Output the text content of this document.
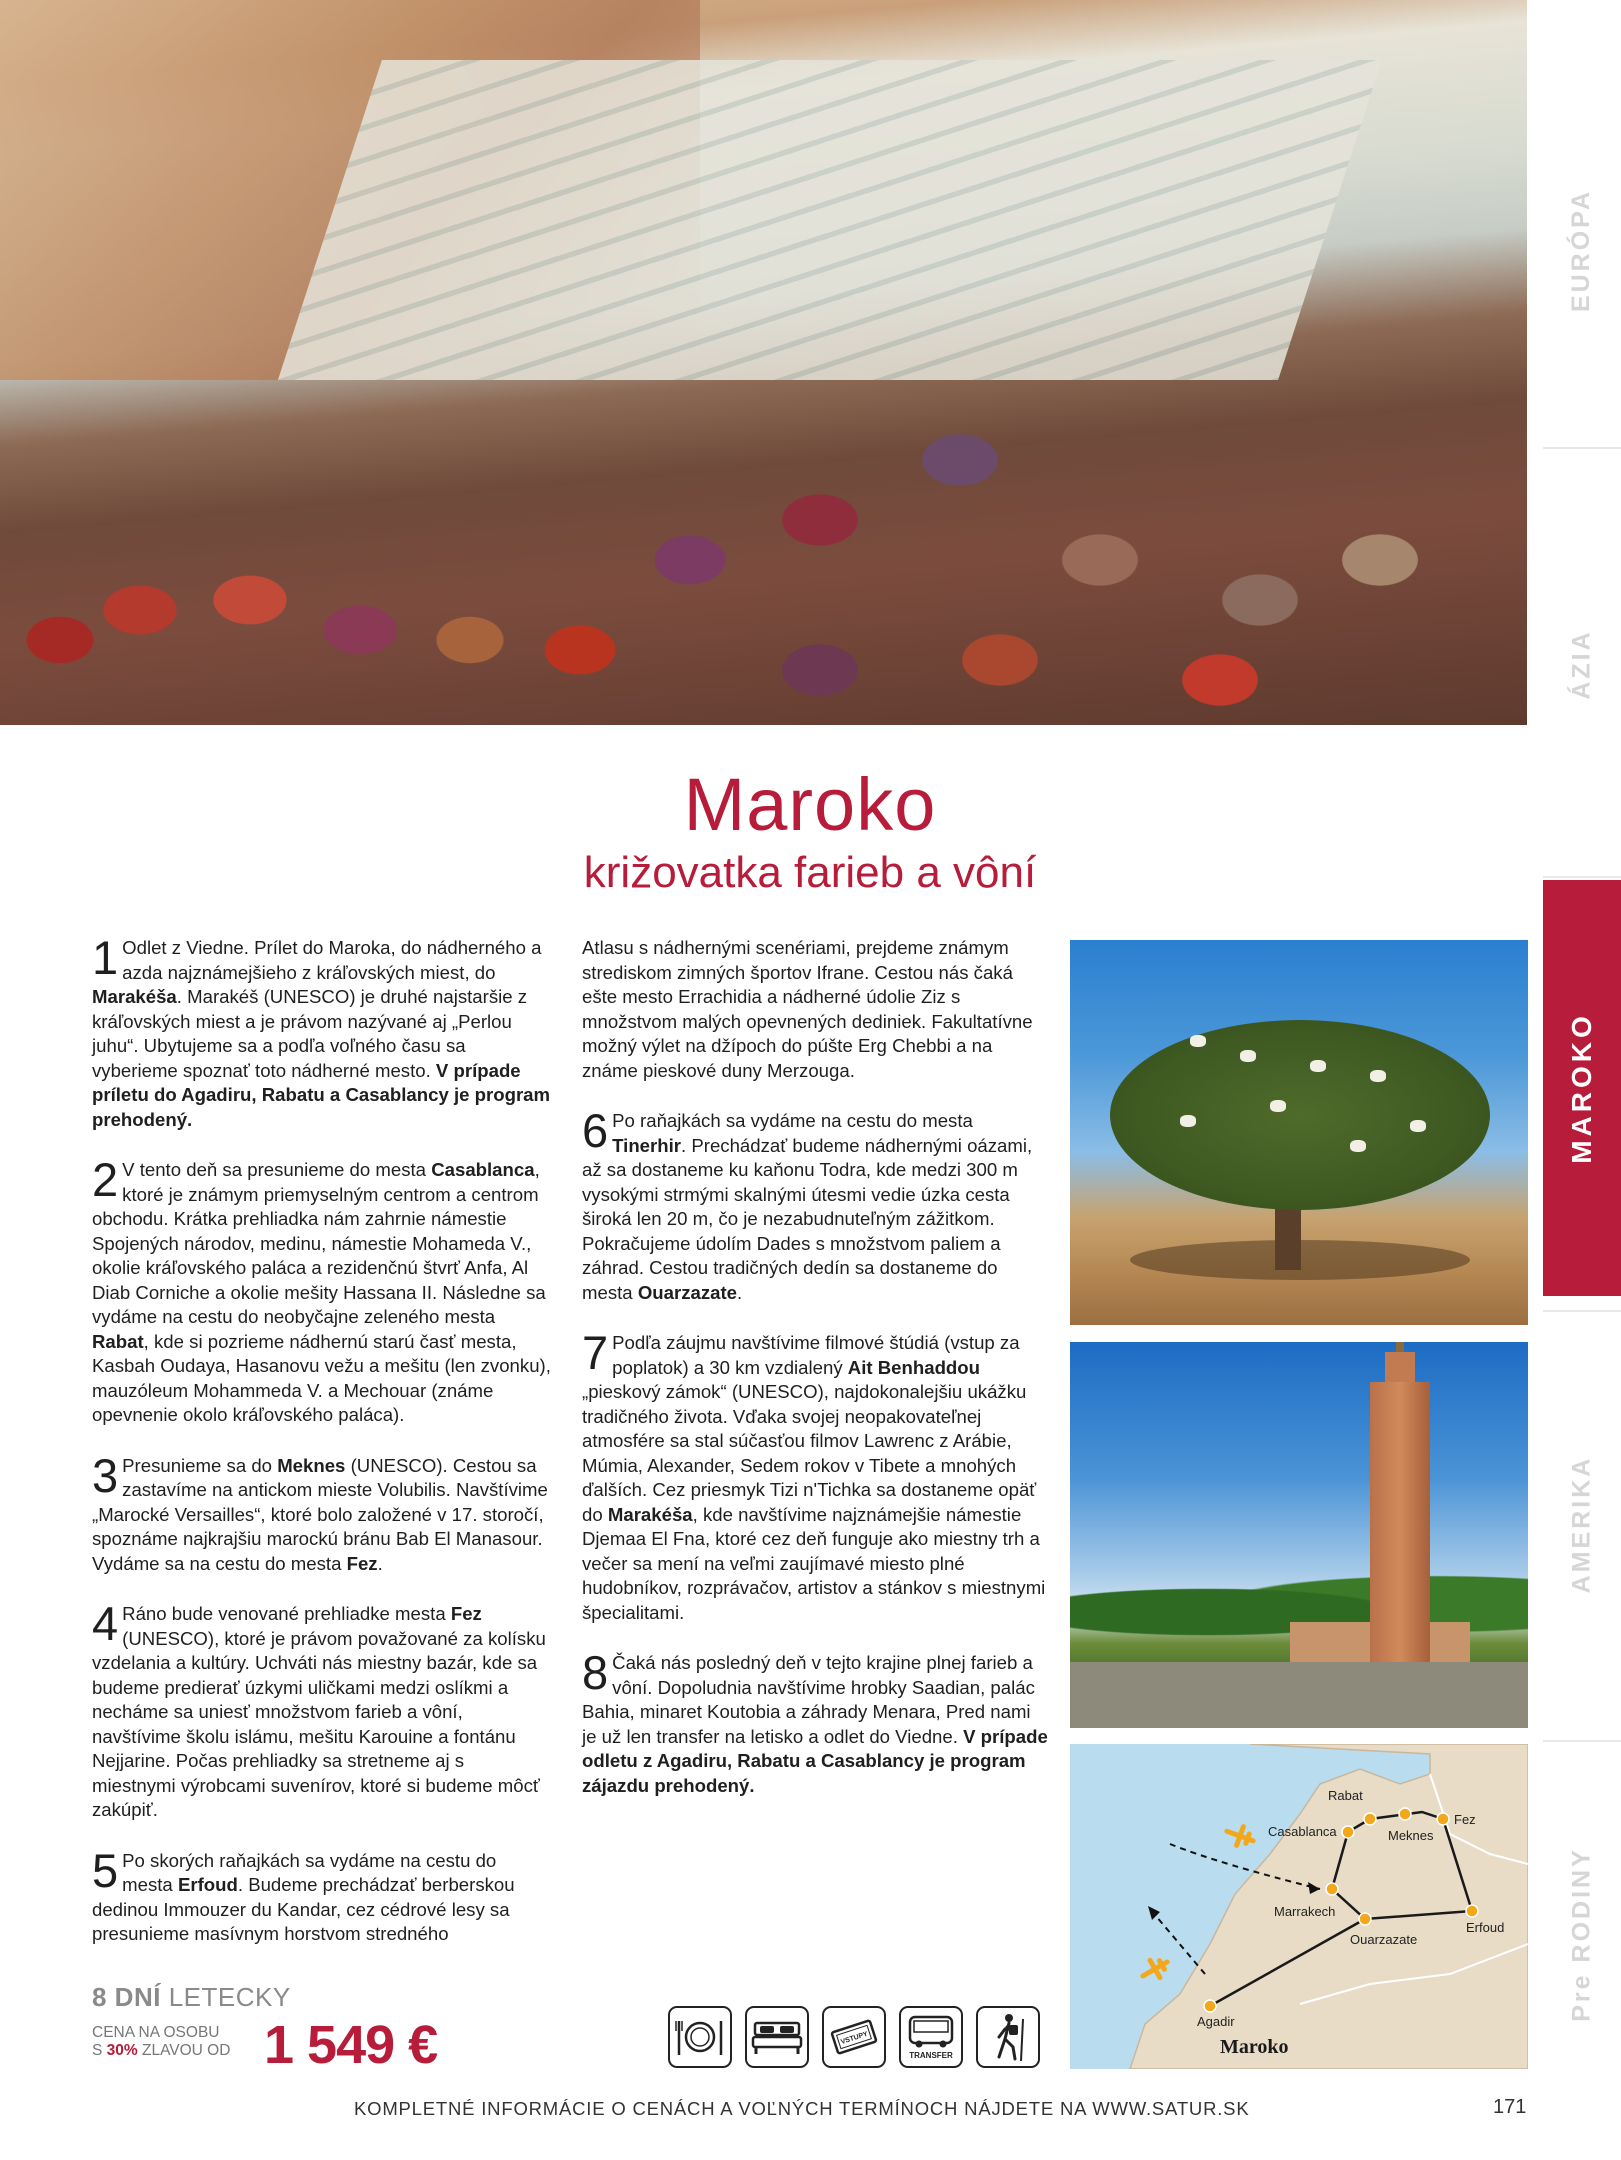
EURÓPA
ÁZIA
MAROKO
AMERIKA
Pre RODINY
Maroko
križovatka farieb a vôní
1 Odlet z Viedne. Prílet do Maroka, do nádherného a azda najznámejšieho z kráľovských miest, do Marakéša. Marakéš (UNESCO) je druhé najstaršie z kráľovských miest a je právom nazývané aj „Perlou juhu“. Ubytujeme sa a podľa voľného času sa vyberieme spoznať toto nádherné mesto. V prípade príletu do Agadiru, Rabatu a Casablancy je program prehodený.
2 V tento deň sa presunieme do mesta Casablanca, ktoré je známym priemyselným centrom a centrom obchodu. Krátka prehliadka nám zahrnie námestie Spojených národov, medinu, námestie Mohameda V., okolie kráľovského paláca a rezidenčnú štvrť Anfa, Al Diab Corniche a okolie mešity Hassana II. Následne sa vydáme na cestu do neobyčajne zeleného mesta Rabat, kde si pozrieme nádhernú starú časť mesta, Kasbah Oudaya, Hasanovu vežu a mešitu (len zvonku), mauzóleum Mohammeda V. a Mechouar (známe opevnenie okolo kráľovského paláca).
3 Presunieme sa do Meknes (UNESCO). Cestou sa zastavíme na antickom mieste Volubilis. Navštívime „Marocké Versailles“, ktoré bolo založené v 17. storočí, spoznáme najkrajšiu marockú bránu Bab El Manasour. Vydáme sa na cestu do mesta Fez.
4 Ráno bude venované prehliadke mesta Fez (UNESCO), ktoré je právom považované za kolísku vzdelania a kultúry. Uchváti nás miestny bazár, kde sa budeme predierať úzkymi uličkami medzi oslíkmi a necháme sa uniesť množstvom farieb a vôní, navštívime školu islámu, mešitu Karouine a fontánu Nejjarine. Počas prehliadky sa stretneme aj s miestnymi výrobcami suvenírov, ktoré si budeme môcť zakúpiť.
5 Po skorých raňajkách sa vydáme na cestu do mesta Erfoud. Budeme prechádzať berberskou dedinou Immouzer du Kandar, cez cédrové lesy sa presunieme masívnym horstvom stredného
Atlasu s nádhernými scenériami, prejdeme známym strediskom zimných športov Ifrane. Cestou nás čaká ešte mesto Errachidia a nádherné údolie Ziz s množstvom malých opevnených dediniek. Fakultatívne možný výlet na džípoch do púšte Erg Chebbi a na známe pieskové duny Merzouga.
6 Po raňajkách sa vydáme na cestu do mesta Tinerhir. Prechádzať budeme nádhernými oázami, až sa dostaneme ku kaňonu Todra, kde medzi 300 m vysokými strmými skalnými útesmi vedie úzka cesta široká len 20 m, čo je nezabudnuteľným zážitkom. Pokračujeme údolím Dades s množstvom paliem a záhrad. Cestou tradičných dedín sa dostaneme do mesta Ouarzazate.
7 Podľa záujmu navštívime filmové štúdiá (vstup za poplatok) a 30 km vzdialený Ait Benhaddou „pieskový zámok“ (UNESCO), najdokonalejšiu ukážku tradičného života. Vďaka svojej neopakovateľnej atmosfére sa stal súčasťou filmov Lawrenc z Arábie, Múmia, Alexander, Sedem rokov v Tibete a mnohých ďalších. Cez priesmyk Tizi n'Tichka sa dostaneme opäť do Marakéša, kde navštívime najznámejšie námestie Djemaa El Fna, ktoré cez deň funguje ako miestny trh a večer sa mení na veľmi zaujímavé miesto plné hudobníkov, rozprávačov, artistov a stánkov s miestnymi špecialitami.
8 Čaká nás posledný deň v tejto krajine plnej farieb a vôní. Dopoludnia navštívime hrobky Saadian, palác Bahia, minaret Koutobia a záhrady Menara, Pred nami je už len transfer na letisko a odlet do Viedne. V prípade odletu z Agadiru, Rabatu a Casablancy je program zájazdu prehodený.	Rabat
Casablanca	Meknes
Fez
Marrakech
Erfoud
Ouarzazate
Agadir
Maroko
8 DNÍ LETECKY
CENA NA OSOBU
S 30% ZLAVOU OD 1 549 €	VSTUPY
TRANSFER
KOMPLETNÉ INFORMÁCIE O CENÁCH A VOĽNÝCH TERMÍNOCH NÁJDETE NA WWW.SATUR.SK	171
